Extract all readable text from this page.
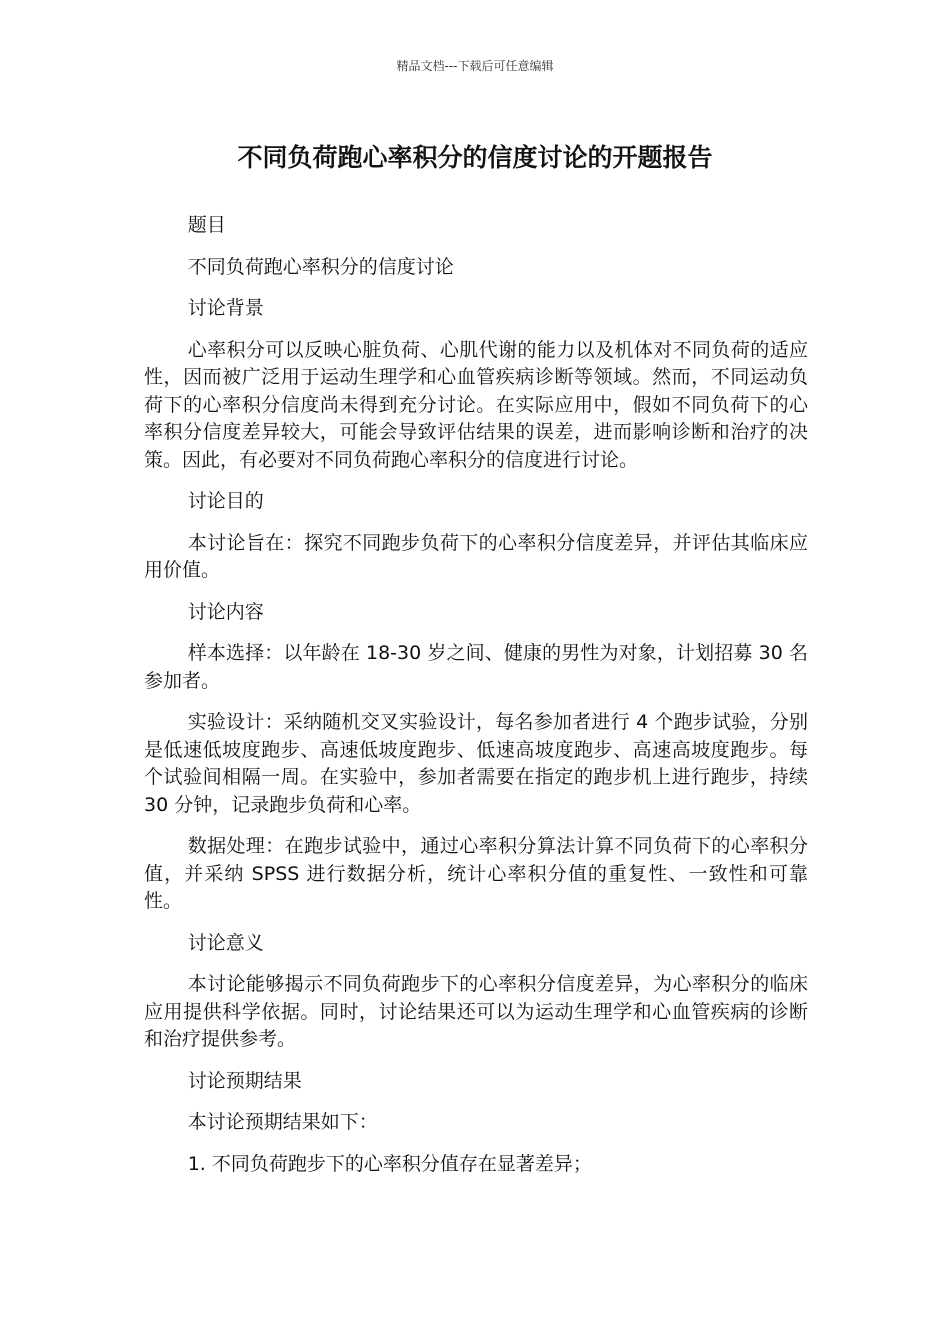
精品文档---下载后可任意编辑
不同负荷跑心率积分的信度讨论的开题报告

题目

不同负荷跑心率积分的信度讨论

讨论背景

心率积分可以反映心脏负荷、心肌代谢的能力以及机体对不同负荷的适应性，因而被广泛用于运动生理学和心血管疾病诊断等领域。然而，不同运动负荷下的心率积分信度尚未得到充分讨论。在实际应用中，假如不同负荷下的心率积分信度差异较大，可能会导致评估结果的误差，进而影响诊断和治疗的决策。因此，有必要对不同负荷跑心率积分的信度进行讨论。

讨论目的

本讨论旨在：探究不同跑步负荷下的心率积分信度差异，并评估其临床应用价值。

讨论内容

样本选择：以年龄在 18-30 岁之间、健康的男性为对象，计划招募 30 名参加者。

实验设计：采纳随机交叉实验设计，每名参加者进行 4 个跑步试验，分别是低速低坡度跑步、高速低坡度跑步、低速高坡度跑步、高速高坡度跑步。每个试验间相隔一周。在实验中，参加者需要在指定的跑步机上进行跑步，持续 30 分钟，记录跑步负荷和心率。

数据处理：在跑步试验中，通过心率积分算法计算不同负荷下的心率积分值，并采纳 SPSS 进行数据分析，统计心率积分值的重复性、一致性和可靠性。

讨论意义

本讨论能够揭示不同负荷跑步下的心率积分信度差异，为心率积分的临床应用提供科学依据。同时，讨论结果还可以为运动生理学和心血管疾病的诊断和治疗提供参考。

讨论预期结果

本讨论预期结果如下：

1. 不同负荷跑步下的心率积分值存在显著差异；
